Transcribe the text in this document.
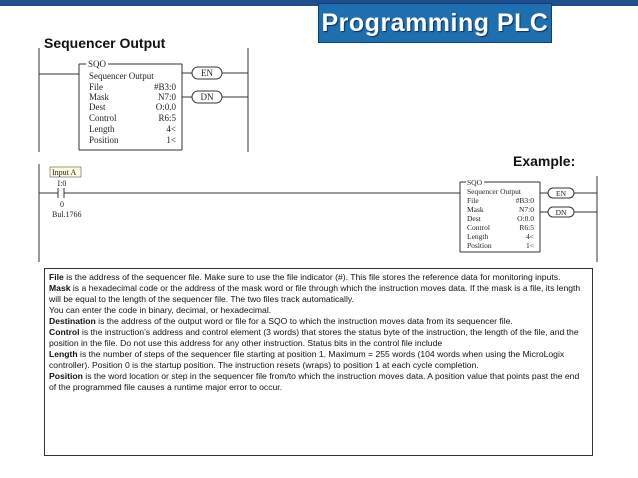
Programming PLC
Sequencer Output
Example:
SQO
Sequencer Output
File	#B3:0
Mask	N7:0
Dest	O:0.0
Control	R6:5
Length	4<
Position	1<
EN
DN
Input A
I:0
0
Bul.1766
SQO
Sequencer Output
File	#B3:0
Mask	N7:0
Dest	O:0.0
Control	R6:5
Length	4<
Position	1<
EN
DN

File is the address of the sequencer file. Make sure to use the file indicator (#). This file stores the reference data for monitoring inputs.

Mask is a hexadecimal code or the address of the mask word or file through which the instruction moves data. If the mask is a file, its length will be equal to the length of the sequencer file. The two files track automatically.

You can enter the code in binary, decimal, or hexadecimal.

Destination is the address of the output word or file for a SQO to which the instruction moves data from its sequencer file.

Control is the instruction’s address and control element (3 words) that stores the status byte of the instruction, the length of the file, and the position in the file. Do not use this address for any other instruction. Status bits in the control file include

Length is the number of steps of the sequencer file starting at position 1. Maximum = 255 words (104 words when using the MicroLogix controller). Position 0 is the startup position. The instruction resets (wraps) to position 1 at each cycle completion.

Position is the word location or step in the sequencer file from/to which the instruction moves data. A position value that points past the end of the programmed file causes a runtime major error to occur.
